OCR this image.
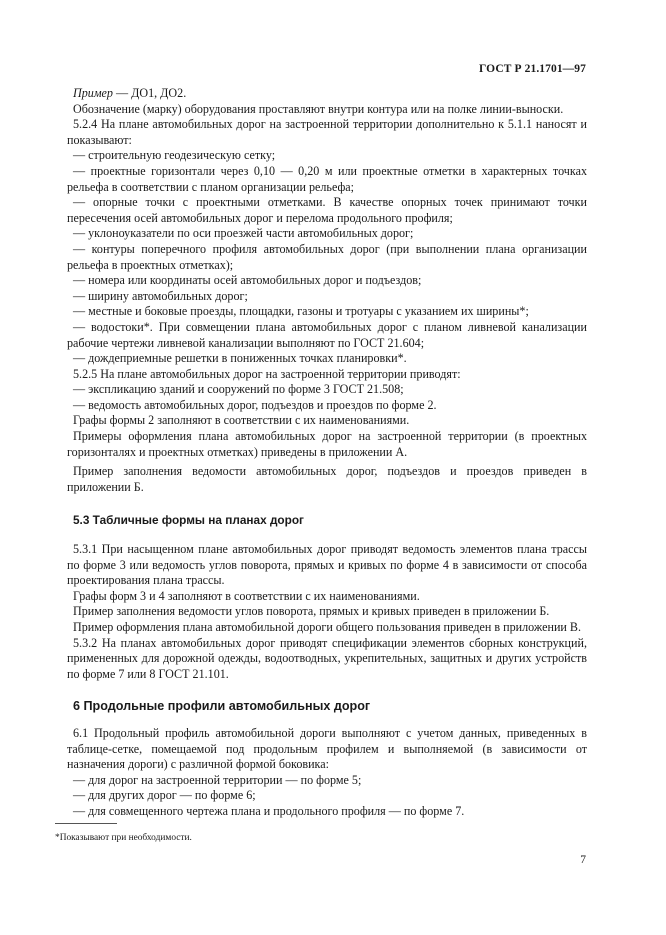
ГОСТ Р 21.1701—97

Пример — ДО1, ДО2.

Обозначение (марку) оборудования проставляют внутри контура или на полке линии-выноски.

5.2.4 На плане автомобильных дорог на застроенной территории дополнительно к 5.1.1 наносят и показывают:

— строительную геодезическую сетку;

— проектные горизонтали через 0,10 — 0,20 м или проектные отметки в характерных точках рельефа в соответствии с планом организации рельефа;

— опорные точки с проектными отметками. В качестве опорных точек принимают точки пересечения осей автомобильных дорог и перелома продольного профиля;

— уклоноуказатели по оси проезжей части автомобильных дорог;

— контуры поперечного профиля автомобильных дорог (при выполнении плана организации рельефа в проектных отметках);

— номера или координаты осей автомобильных дорог и подъездов;

— ширину автомобильных дорог;

— местные и боковые проезды, площадки, газоны и тротуары с указанием их ширины*;

— водостоки*. При совмещении плана автомобильных дорог с планом ливневой канализации рабочие чертежи ливневой канализации выполняют по ГОСТ 21.604;

— дождеприемные решетки в пониженных точках планировки*.

5.2.5 На плане автомобильных дорог на застроенной территории приводят:

— экспликацию зданий и сооружений по форме 3 ГОСТ 21.508;

— ведомость автомобильных дорог, подъездов и проездов по форме 2.

Графы формы 2 заполняют в соответствии с их наименованиями.

Примеры оформления плана автомобильных дорог на застроенной территории (в проектных горизонталях и проектных отметках) приведены в приложении А.

Пример заполнения ведомости автомобильных дорог, подъездов и проездов приведен в приложении Б.

5.3 Табличные формы на планах дорог

5.3.1 При насыщенном плане автомобильных дорог приводят ведомость элементов плана трассы по форме 3 или ведомость углов поворота, прямых и кривых по форме 4 в зависимости от способа проектирования плана трассы.

Графы форм 3 и 4 заполняют в соответствии с их наименованиями.

Пример заполнения ведомости углов поворота, прямых и кривых приведен в приложении Б.

Пример оформления плана автомобильной дороги общего пользования приведен в приложении В.

5.3.2 На планах автомобильных дорог приводят спецификации элементов сборных конструкций, примененных для дорожной одежды, водоотводных, укрепительных, защитных и других устройств по форме 7 или 8 ГОСТ 21.101.

6 Продольные профили автомобильных дорог

6.1 Продольный профиль автомобильной дороги выполняют с учетом данных, приведенных в таблице-сетке, помещаемой под продольным профилем и выполняемой (в зависимости от назначения дороги) с различной формой боковика:

— для дорог на застроенной территории — по форме 5;

— для других дорог — по форме 6;

— для совмещенного чертежа плана и продольного профиля — по форме 7.

*Показывают при необходимости.
7
